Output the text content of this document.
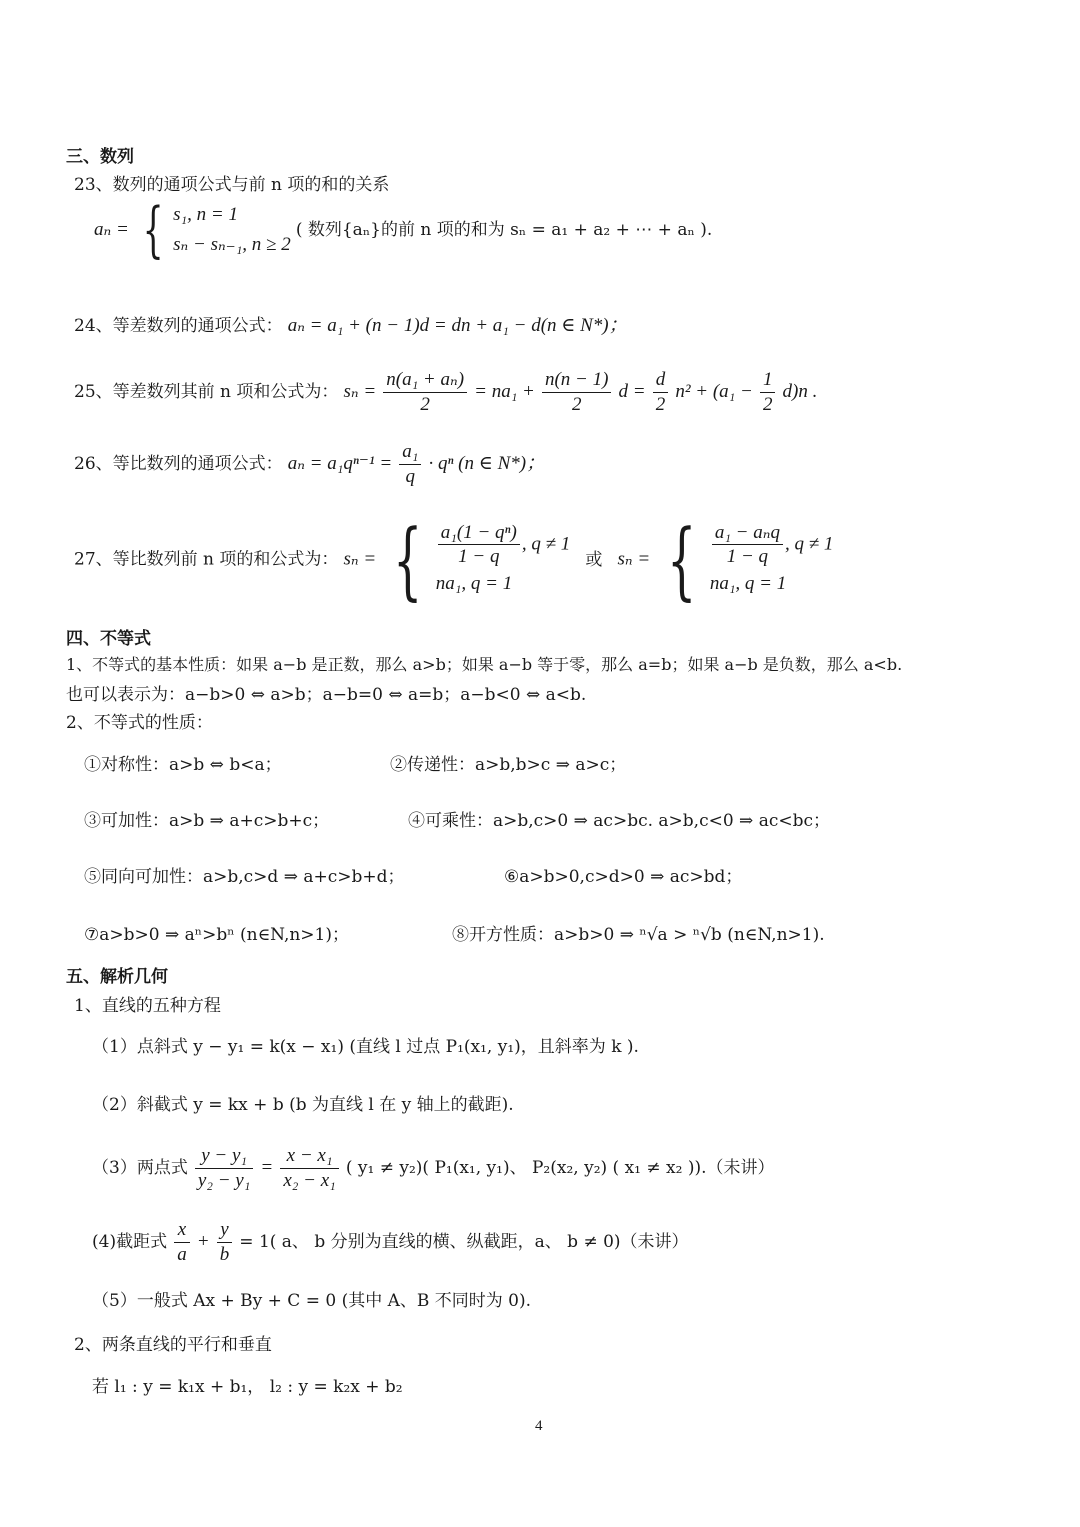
三、数列
23、数列的通项公式与前 n 项的和的关系
aₙ = { s₁, n = 1
sₙ − sₙ₋₁, n ≥ 2
( 数列{aₙ}的前 n 项的和为 sₙ = a₁ + a₂ + ⋯ + aₙ ).
24、等差数列的通项公式： aₙ = a₁ + (n − 1)d = dn + a₁ − d(n ∈ N*)；
25、等差数列其前 n 项和公式为： $s_n = \frac{\text{n(a₁ + aₙ)}}{2} = na_1 + \frac{n(n - 1)}{2}$ $d = \frac{d}{2} n^2 + (a_1 - \frac{1}{2} d)n$ .
26、等比数列的通项公式： $a_n = a_1q^{n-1} = \frac{\text{a₁}}{q} \cdot q^n$ (n ∈ N*)；
27、等比数列前 n 项的和公式为： sₙ = { $\frac{\text{a₁(1 − qⁿ)}}{1 - q}$ , q ≠ 1
na₁, q = 1
或 sₙ = { $\frac{\text{a₁ − aₙq}}{1 - q}$ , q ≠ 1
na₁, q = 1
四、不等式
1、不等式的基本性质：如果 a−b 是正数，那么 a>b；如果 a−b 等于零，那么 a=b；如果 a−b 是负数，那么 a<b.
也可以表示为：a−b>0 ⇔ a>b；a−b=0 ⇔ a=b；a−b<0 ⇔ a<b.
2、不等式的性质：
①对称性：a>b ⇔ b<a；	②传递性：a>b,b>c ⇒ a>c；
③可加性：a>b ⇒ a+c>b+c；	④可乘性：a>b,c>0 ⇒ ac>bc. a>b,c<0 ⇒ ac<bc；
⑤同向可加性：a>b,c>d ⇒ a+c>b+d；	⑥a>b>0,c>d>0 ⇒ ac>bd；
⑦a>b>0 ⇒ aⁿ>bⁿ (n∈N,n>1)；	⑧开方性质：a>b>0 ⇒ ⁿ√a > ⁿ√b (n∈N,n>1).
五、解析几何
1、直线的五种方程
（1）点斜式 y − y₁ = k(x − x₁) (直线 l 过点 P₁(x₁, y₁)，且斜率为 k ).
（2）斜截式 y = kx + b (b 为直线 l 在 y 轴上的截距).
（3）两点式 $\frac{\text{y − y₁}}{\text{y₂ − y₁}} = \frac{\text{x − x₁}}{\text{x₂ − x₁}}$ ( y₁ ≠ y₂)( P₁(x₁, y₁)、 P₂(x₂, y₂) ( x₁ ≠ x₂ )).（未讲）
(4)截距式 $\frac{x}{a} + \frac{y}{b} = 1$( a、 b 分别为直线的横、纵截距，a、 b ≠ 0)（未讲）
（5）一般式 Ax + By + C = 0 (其中 A、B 不同时为 0).
2、两条直线的平行和垂直
若 l₁ : y = k₁x + b₁， l₂ : y = k₂x + b₂
4
